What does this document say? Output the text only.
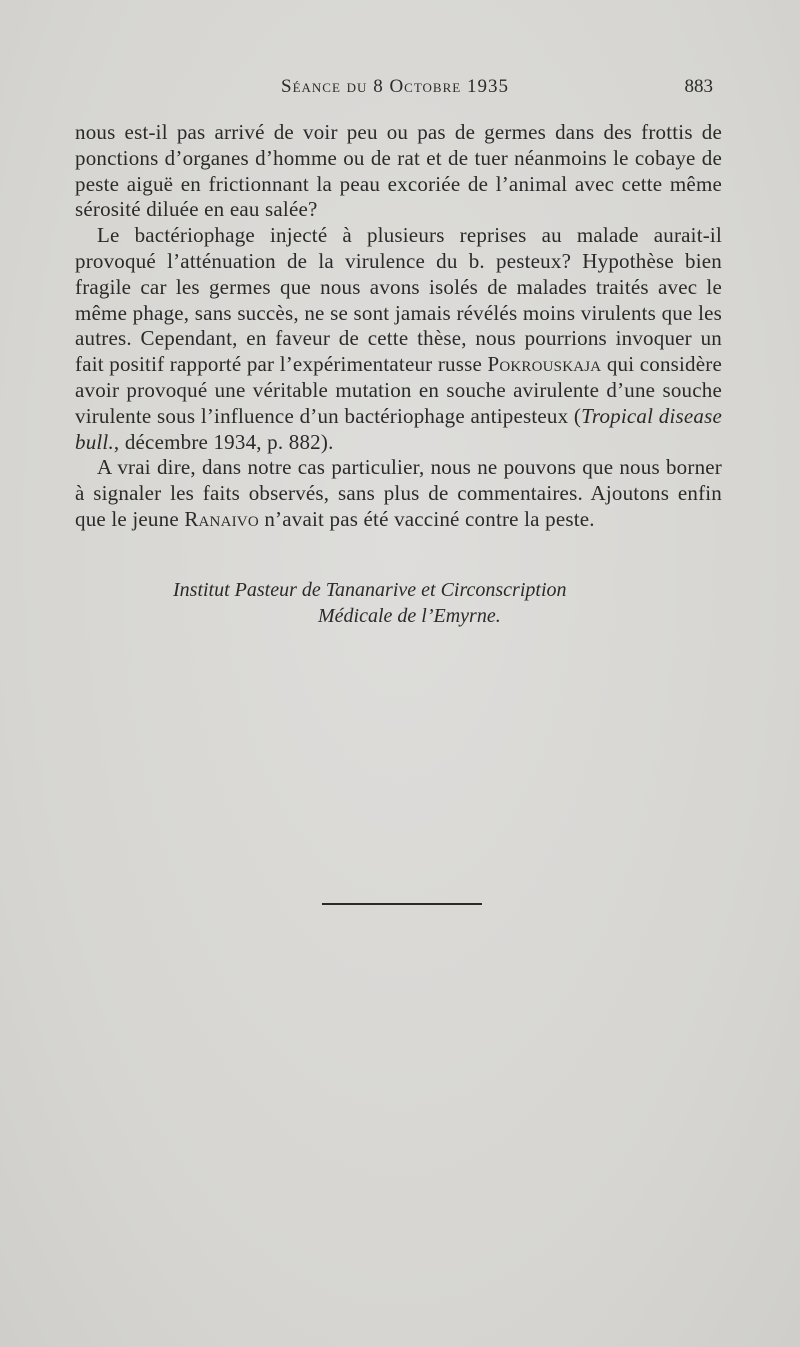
Séance du 8 Octobre 1935	883

nous est-il pas arrivé de voir peu ou pas de germes dans des frottis de ponctions d’organes d’homme ou de rat et de tuer néanmoins le cobaye de peste aiguë en frictionnant la peau excoriée de l’animal avec cette même sérosité diluée en eau salée?

Le bactériophage injecté à plusieurs reprises au malade aurait-il provoqué l’atténuation de la virulence du b. pesteux? Hypothèse bien fragile car les germes que nous avons isolés de malades traités avec le même phage, sans succès, ne se sont jamais révélés moins virulents que les autres. Cependant, en faveur de cette thèse, nous pourrions invoquer un fait positif rapporté par l’expérimentateur russe Pokrouskaja qui considère avoir provoqué une véritable mutation en souche avirulente d’une souche virulente sous l’influence d’un bactériophage antipesteux (Tropical disease bull., décembre 1934, p. 882).

A vrai dire, dans notre cas particulier, nous ne pouvons que nous borner à signaler les faits observés, sans plus de commentaires. Ajoutons enfin que le jeune Ranaivo n’avait pas été vacciné contre la peste.

Institut Pasteur de Tananarive et Circonscription
Médicale de l’Emyrne.
